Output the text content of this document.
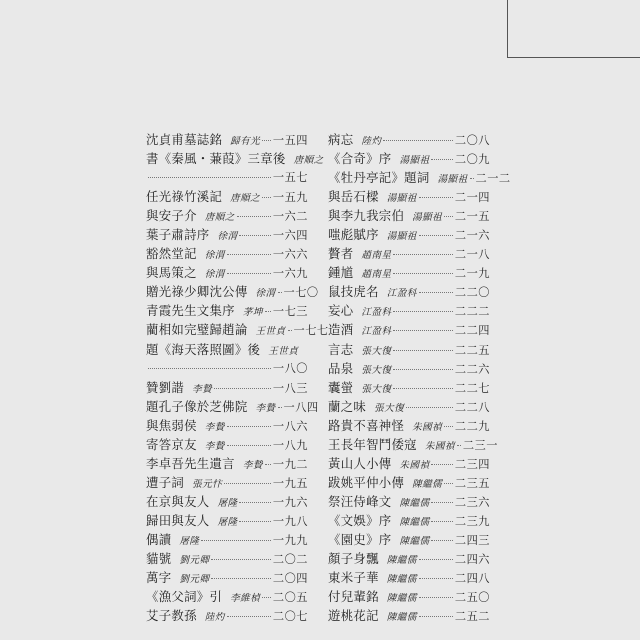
沈貞甫墓誌銘 歸有光 一五四
書《秦風・蒹葭》三章後 唐順之
一五七
任光祿竹溪記 唐順之 一五九
與安子介 唐順之	一六二
葉子肅詩序 徐渭	一六四
豁然堂記 徐渭	一六六
與馬策之 徐渭	一六九
贈光祿少卿沈公傳 徐渭 一七〇
青霞先生文集序 茅坤 一七三
藺相如完璧歸趙論 王世貞 一七七
題《海天落照圖》後 王世貞
一八〇
贊劉諧 李贄	一八三
題孔子像於芝佛院 李贄 一八四
與焦弱侯 李贄	一八六
寄答京友 李贄	一八九
李卓吾先生遺言 李贄 一九二
遭子詞 張元忭	一九五
在京與友人 屠隆	一九六
歸田與友人 屠隆	一九八
偶讀 屠隆	一九九
貓號 劉元卿	二〇二
萬字 劉元卿	二〇四
《漁父詞》引 李維楨 二〇五
艾子教孫 陸灼	二〇七
病忘 陸灼	二〇八
《合奇》序 湯顯祖 二〇九
《牡丹亭記》題詞 湯顯祖 二一二
與岳石樑 湯顯祖	二一四
與李九我宗伯 湯顯祖 二一五
嗤彪賦序 湯顯祖	二一六
贅者 趙南星	二一八
鍾馗 趙南星	二一九
鼠技虎名 江盈科	二二〇
妄心 江盈科	二二二
造酒 江盈科	二二四
言志 張大復	二二五
品泉 張大復	二二六
囊螢 張大復	二二七
蘭之味 張大復	二二八
路貴不喜神怪 朱國禎 二二九
王長年智鬥倭寇 朱國禎 二三一
黃山人小傳 朱國禎 二三四
跋姚平仲小傳 陳繼儒 二三五
祭汪侍峰文 陳繼儒 二三六
《文娛》序 陳繼儒 二三九
《園史》序 陳繼儒 二四三
顏子身飄 陳繼儒	二四六
東米子華 陳繼儒	二四八
付兒輩銘 陳繼儒	二五〇
遊桃花記 陳繼儒	二五二
